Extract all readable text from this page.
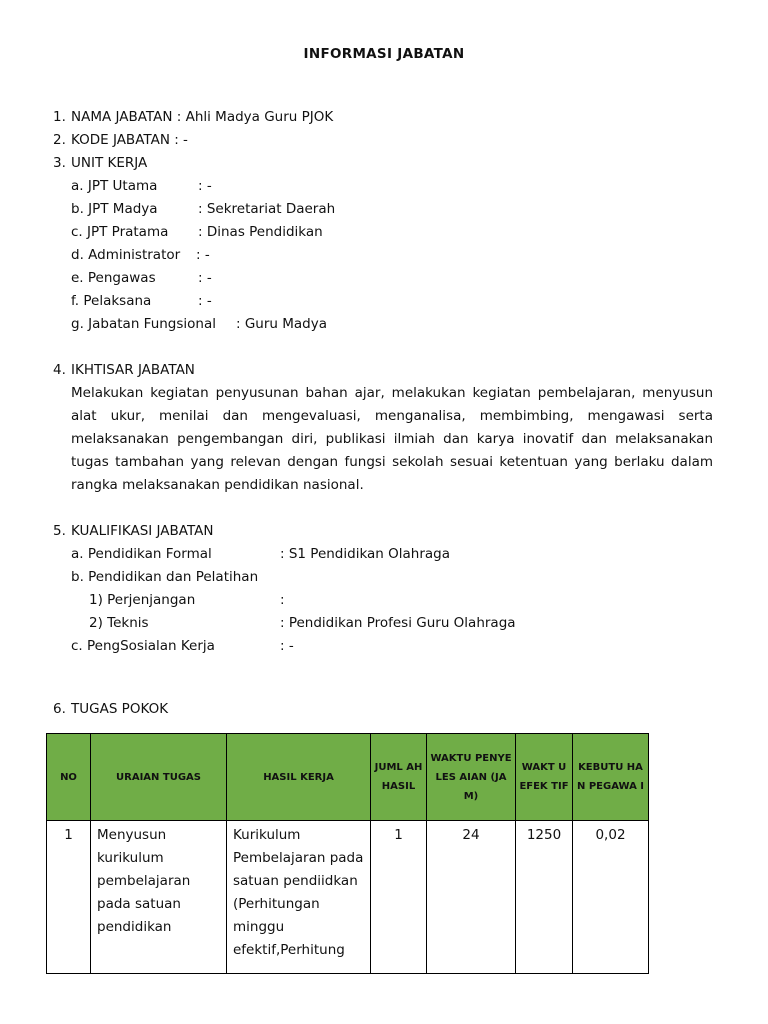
INFORMASI JABATAN
1. NAMA JABATAN : Ahli Madya Guru PJOK
2. KODE JABATAN : -
3. UNIT KERJA
a. JPT Utama	: -
b. JPT Madya	: Sekretariat Daerah
c. JPT Pratama : Dinas Pendidikan
d. Administrator : -
e. Pengawas	: -
f. Pelaksana	: -
g. Jabatan Fungsional : Guru Madya
4. IKHTISAR JABATAN
Melakukan kegiatan penyusunan bahan ajar, melakukan kegiatan pembelajaran, menyusun alat ukur, menilai dan mengevaluasi, menganalisa, membimbing, mengawasi serta melaksanakan pengembangan diri, publikasi ilmiah dan karya inovatif dan melaksanakan tugas tambahan yang relevan dengan fungsi sekolah sesuai ketentuan yang berlaku dalam rangka melaksanakan pendidikan nasional.
5. KUALIFIKASI JABATAN
a. Pendidikan Formal	: S1 Pendidikan Olahraga
b. Pendidikan dan Pelatihan
1) Perjenjangan	:
2) Teknis	: Pendidikan Profesi Guru Olahraga
c. PengSosialan Kerja	: -
6. TUGAS POKOK
NO	URAIAN TUGAS	HASIL KERJA	JUML AH HASIL	WAKTU PENYELES AIAN (JAM)	WAKT U EFEK TIF	KEBUTU HAN PEGAWA I
1	Menyusun kurikulum pembelajaran pada satuan pendidikan	Kurikulum Pembelajaran pada satuan pendiidkan (Perhitungan minggu efektif,Perhitung	1	24	1250	0,02
